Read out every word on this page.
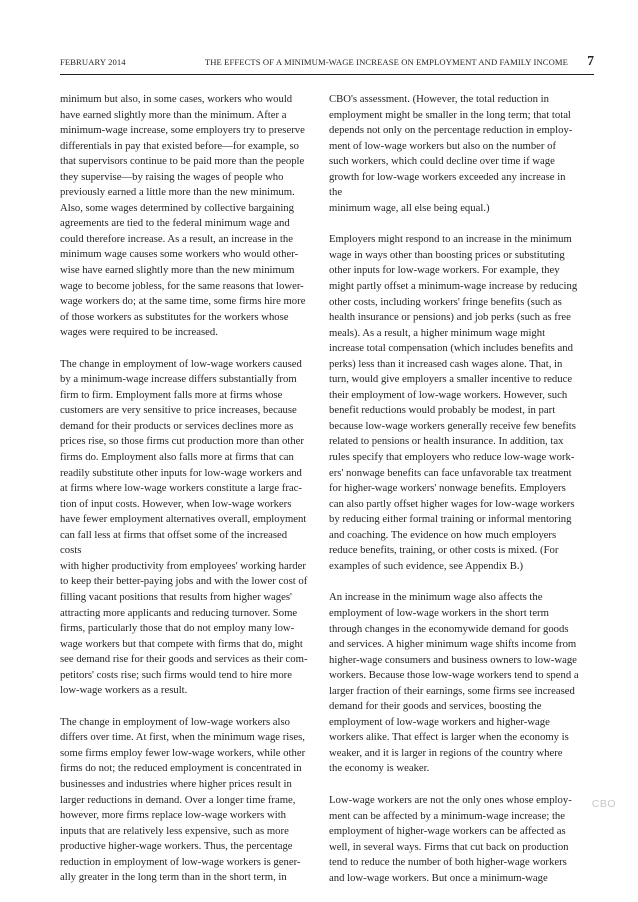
FEBRUARY 2014	THE EFFECTS OF A MINIMUM-WAGE INCREASE ON EMPLOYMENT AND FAMILY INCOME 7

minimum but also, in some cases, workers who would
have earned slightly more than the minimum. After a
minimum-wage increase, some employers try to preserve
differentials in pay that existed before—for example, so
that supervisors continue to be paid more than the people
they supervise—by raising the wages of people who
previously earned a little more than the new minimum.
Also, some wages determined by collective bargaining
agreements are tied to the federal minimum wage and
could therefore increase. As a result, an increase in the
minimum wage causes some workers who would other-
wise have earned slightly more than the new minimum
wage to become jobless, for the same reasons that lower-
wage workers do; at the same time, some firms hire more
of those workers as substitutes for the workers whose
wages were required to be increased.

The change in employment of low-wage workers caused
by a minimum-wage increase differs substantially from
firm to firm. Employment falls more at firms whose
customers are very sensitive to price increases, because
demand for their products or services declines more as
prices rise, so those firms cut production more than other
firms do. Employment also falls more at firms that can
readily substitute other inputs for low-wage workers and
at firms where low-wage workers constitute a large frac-
tion of input costs. However, when low-wage workers
have fewer employment alternatives overall, employment
can fall less at firms that offset some of the increased costs
with higher productivity from employees' working harder
to keep their better-paying jobs and with the lower cost of
filling vacant positions that results from higher wages'
attracting more applicants and reducing turnover. Some
firms, particularly those that do not employ many low-
wage workers but that compete with firms that do, might
see demand rise for their goods and services as their com-
petitors' costs rise; such firms would tend to hire more
low-wage workers as a result.

The change in employment of low-wage workers also
differs over time. At first, when the minimum wage rises,
some firms employ fewer low-wage workers, while other
firms do not; the reduced employment is concentrated in
businesses and industries where higher prices result in
larger reductions in demand. Over a longer time frame,
however, more firms replace low-wage workers with
inputs that are relatively less expensive, such as more
productive higher-wage workers. Thus, the percentage
reduction in employment of low-wage workers is gener-
ally greater in the long term than in the short term, in

CBO's assessment. (However, the total reduction in
employment might be smaller in the long term; that total
depends not only on the percentage reduction in employ-
ment of low-wage workers but also on the number of
such workers, which could decline over time if wage
growth for low-wage workers exceeded any increase in the
minimum wage, all else being equal.)

Employers might respond to an increase in the minimum
wage in ways other than boosting prices or substituting
other inputs for low-wage workers. For example, they
might partly offset a minimum-wage increase by reducing
other costs, including workers' fringe benefits (such as
health insurance or pensions) and job perks (such as free
meals). As a result, a higher minimum wage might
increase total compensation (which includes benefits and
perks) less than it increased cash wages alone. That, in
turn, would give employers a smaller incentive to reduce
their employment of low-wage workers. However, such
benefit reductions would probably be modest, in part
because low-wage workers generally receive few benefits
related to pensions or health insurance. In addition, tax
rules specify that employers who reduce low-wage work-
ers' nonwage benefits can face unfavorable tax treatment
for higher-wage workers' nonwage benefits. Employers
can also partly offset higher wages for low-wage workers
by reducing either formal training or informal mentoring
and coaching. The evidence on how much employers
reduce benefits, training, or other costs is mixed. (For
examples of such evidence, see Appendix B.)

An increase in the minimum wage also affects the
employment of low-wage workers in the short term
through changes in the economywide demand for goods
and services. A higher minimum wage shifts income from
higher-wage consumers and business owners to low-wage
workers. Because those low-wage workers tend to spend a
larger fraction of their earnings, some firms see increased
demand for their goods and services, boosting the
employment of low-wage workers and higher-wage
workers alike. That effect is larger when the economy is
weaker, and it is larger in regions of the country where
the economy is weaker.

Low-wage workers are not the only ones whose employ-
ment can be affected by a minimum-wage increase; the
employment of higher-wage workers can be affected as
well, in several ways. Firms that cut back on production
tend to reduce the number of both higher-wage workers
and low-wage workers. But once a minimum-wage

CBO
